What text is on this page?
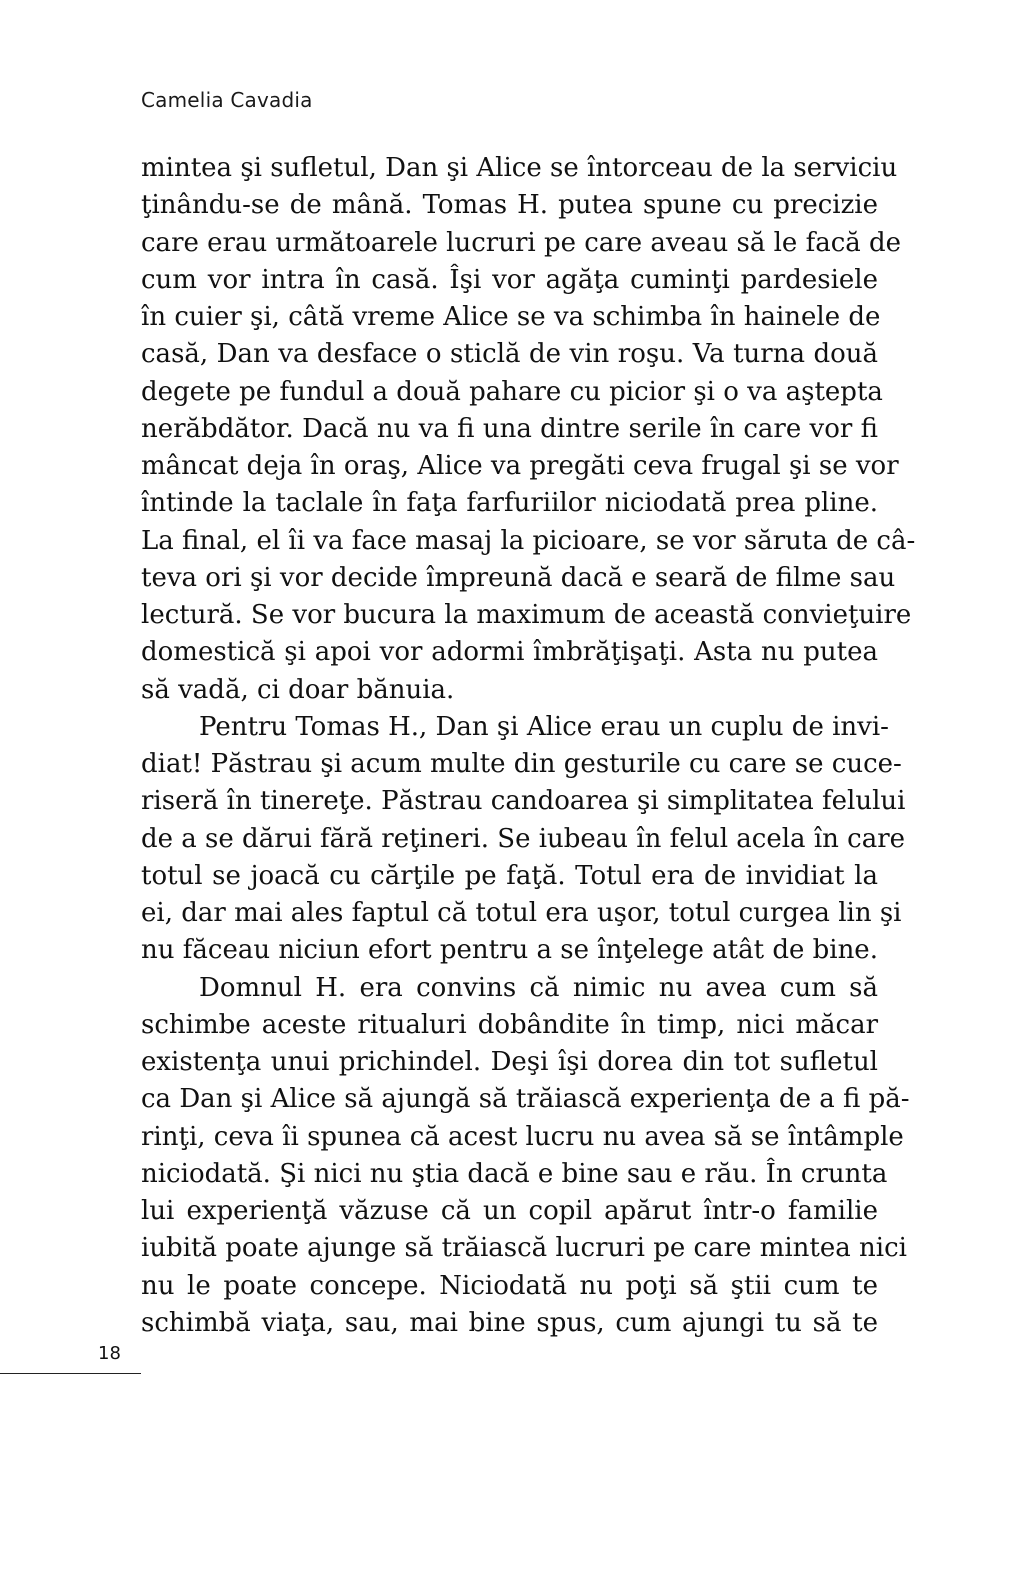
Camelia Cavadia
mintea şi sufletul, Dan şi Alice se întorceau de la serviciu
ţinându-se de mână. Tomas H. putea spune cu precizie
care erau următoarele lucruri pe care aveau să le facă de
cum vor intra în casă. Îşi vor agăţa cuminţi pardesiele
în cuier şi, câtă vreme Alice se va schimba în hainele de
casă, Dan va desface o sticlă de vin roşu. Va turna două
degete pe fundul a două pahare cu picior şi o va aştepta
nerăbdător. Dacă nu va fi una dintre serile în care vor fi
mâncat deja în oraş, Alice va pregăti ceva frugal şi se vor
întinde la taclale în faţa farfuriilor niciodată prea pline.
La final, el îi va face masaj la picioare, se vor săruta de câ-
teva ori şi vor decide împreună dacă e seară de filme sau
lectură. Se vor bucura la maximum de această convieţuire
domestică şi apoi vor adormi îmbrăţişaţi. Asta nu putea
să vadă, ci doar bănuia.
Pentru Tomas H., Dan şi Alice erau un cuplu de invi-
diat! Păstrau şi acum multe din gesturile cu care se cuce-
riseră în tinereţe. Păstrau candoarea şi simplitatea felului
de a se dărui fără reţineri. Se iubeau în felul acela în care
totul se joacă cu cărţile pe faţă. Totul era de invidiat la
ei, dar mai ales faptul că totul era uşor, totul curgea lin şi
nu făceau niciun efort pentru a se înţelege atât de bine.
Domnul H. era convins că nimic nu avea cum să
schimbe aceste ritualuri dobândite în timp, nici măcar
existenţa unui prichindel. Deşi îşi dorea din tot sufletul
ca Dan şi Alice să ajungă să trăiască experienţa de a fi pă-
rinţi, ceva îi spunea că acest lucru nu avea să se întâmple
niciodată. Şi nici nu ştia dacă e bine sau e rău. În crunta
lui experienţă văzuse că un copil apărut într-o familie
iubită poate ajunge să trăiască lucruri pe care mintea nici
nu le poate concepe. Niciodată nu poţi să ştii cum te
schimbă viaţa, sau, mai bine spus, cum ajungi tu să te
18
